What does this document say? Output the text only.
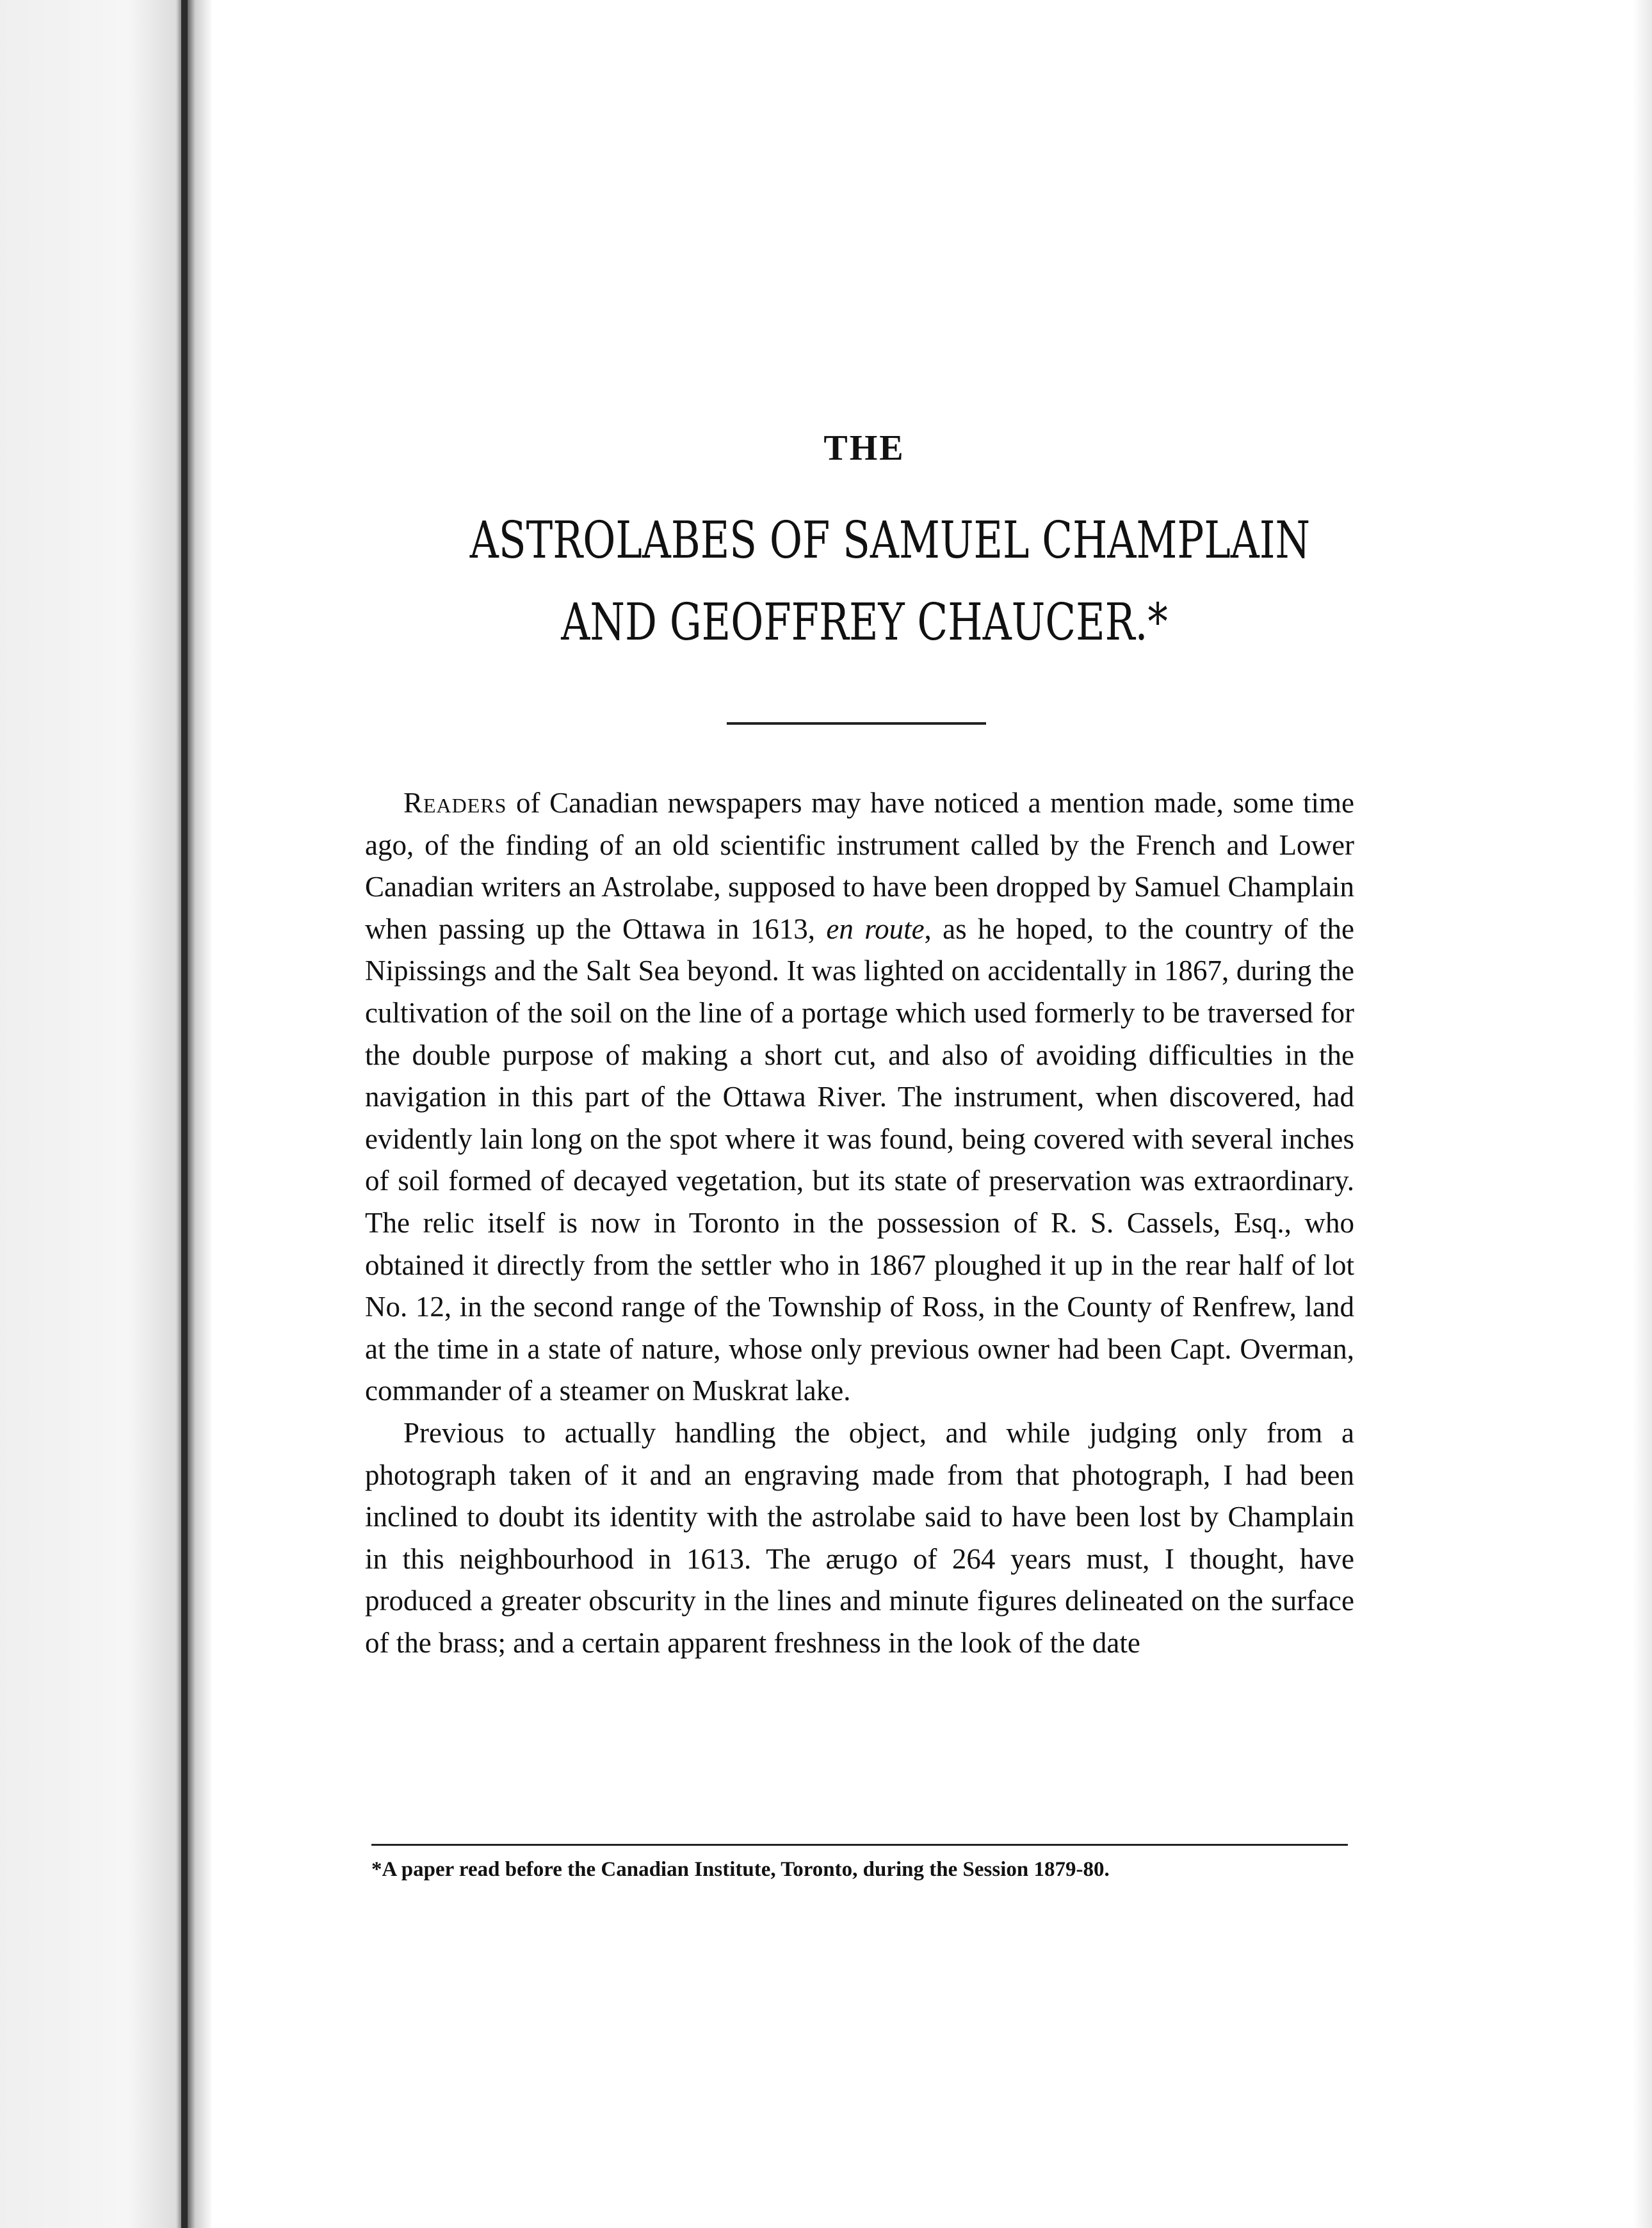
THE
ASTROLABES OF SAMUEL CHAMPLAIN
AND GEOFFREY CHAUCER.*

Readers of Canadian newspapers may have noticed a mention made, some time ago, of the finding of an old scientific instrument called by the French and Lower Canadian writers an Astrolabe, supposed to have been dropped by Samuel Champlain when passing up the Ottawa in 1613, en route, as he hoped, to the country of the Nipissings and the Salt Sea beyond. It was lighted on accidentally in 1867, during the cultivation of the soil on the line of a portage which used formerly to be traversed for the double purpose of making a short cut, and also of avoiding difficulties in the navigation in this part of the Ottawa River. The instrument, when discovered, had evidently lain long on the spot where it was found, being covered with several inches of soil formed of decayed vegetation, but its state of preservation was extraordinary. The relic itself is now in Toronto in the possession of R. S. Cassels, Esq., who obtained it directly from the settler who in 1867 ploughed it up in the rear half of lot No. 12, in the second range of the Township of Ross, in the County of Renfrew, land at the time in a state of nature, whose only previous owner had been Capt. Overman, commander of a steamer on Muskrat lake.

Previous to actually handling the object, and while judging only from a photograph taken of it and an engraving made from that photograph, I had been inclined to doubt its identity with the astrolabe said to have been lost by Champlain in this neighbourhood in 1613. The ærugo of 264 years must, I thought, have produced a greater obscurity in the lines and minute figures delineated on the surface of the brass; and a certain apparent freshness in the look of the date

*A paper read before the Canadian Institute, Toronto, during the Session 1879-80.
